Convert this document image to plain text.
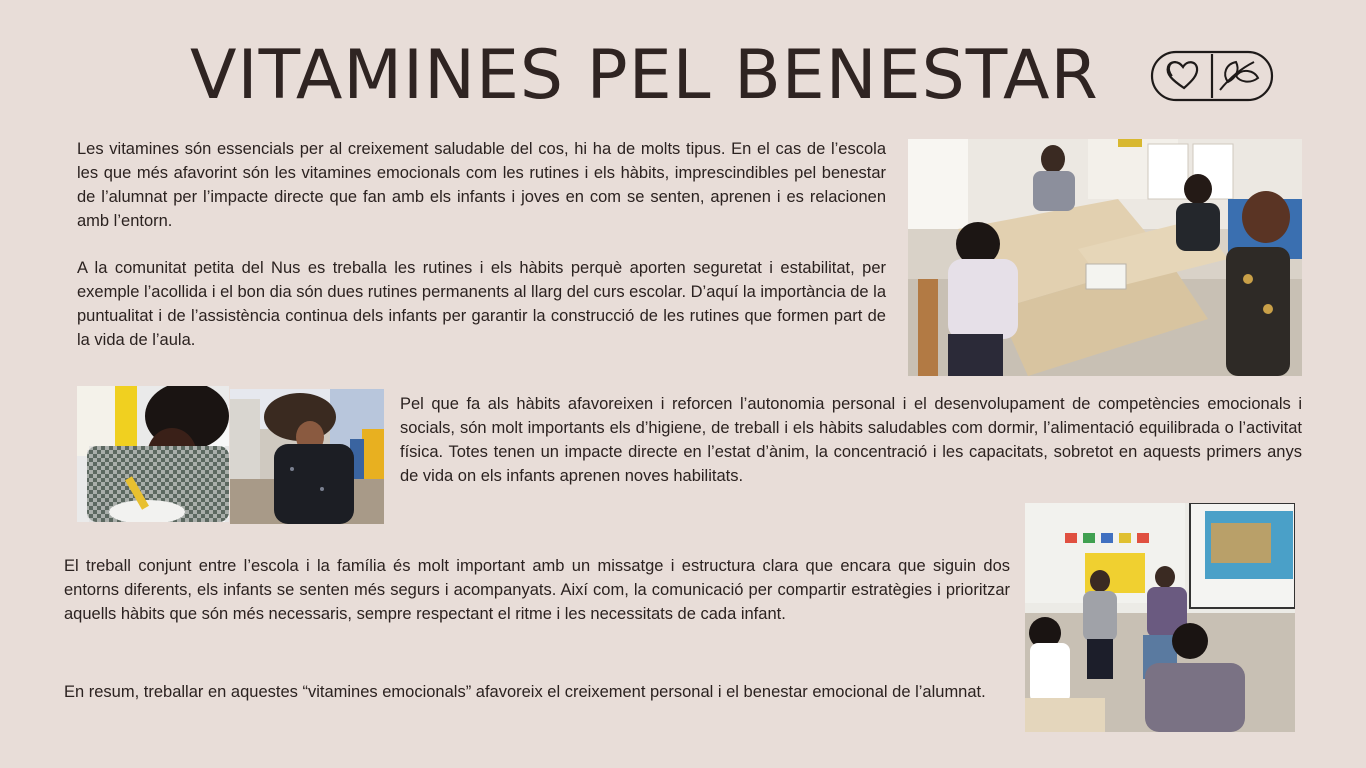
VITAMINES PEL BENESTAR
Les vitamines són essencials per al creixement saludable del cos, hi ha de molts tipus. En el cas de l’escola les que més afavorint són les vitamines emocionals com les rutines i els hàbits, imprescindibles pel benestar de l’alumnat per l’impacte directe que fan amb els infants i joves en com se senten, aprenen i es relacionen amb l’entorn.
A la comunitat petita del Nus es treballa les rutines i els hàbits perquè aporten seguretat i estabilitat, per exemple l’acollida i el bon dia són dues rutines permanents al llarg del curs escolar. D’aquí la importància de la puntualitat i de l’assistència continua dels infants per garantir la construcció de les rutines que formen part de la vida de l’aula.
Pel que fa als hàbits afavoreixen i reforcen l’autonomia personal i el desenvolupament de competències emocionals i socials, són molt importants els d’higiene, de treball i els hàbits saludables com dormir, l’alimentació equilibrada o l’activitat física. Totes tenen un impacte directe en l’estat d’ànim, la concentració i les capacitats, sobretot en aquests primers anys de vida on els infants aprenen noves habilitats.
El treball conjunt entre l’escola i la família és molt important amb un missatge i estructura clara que encara que siguin dos entorns diferents, els infants se senten més segurs i acompanyats. Així com, la comunicació per compartir estratègies i prioritzar aquells hàbits que són més necessaris, sempre respectant el ritme i les necessitats de cada infant.
En resum, treballar en aquestes “vitamines emocionals” afavoreix el creixement personal i el benestar emocional de l’alumnat.
